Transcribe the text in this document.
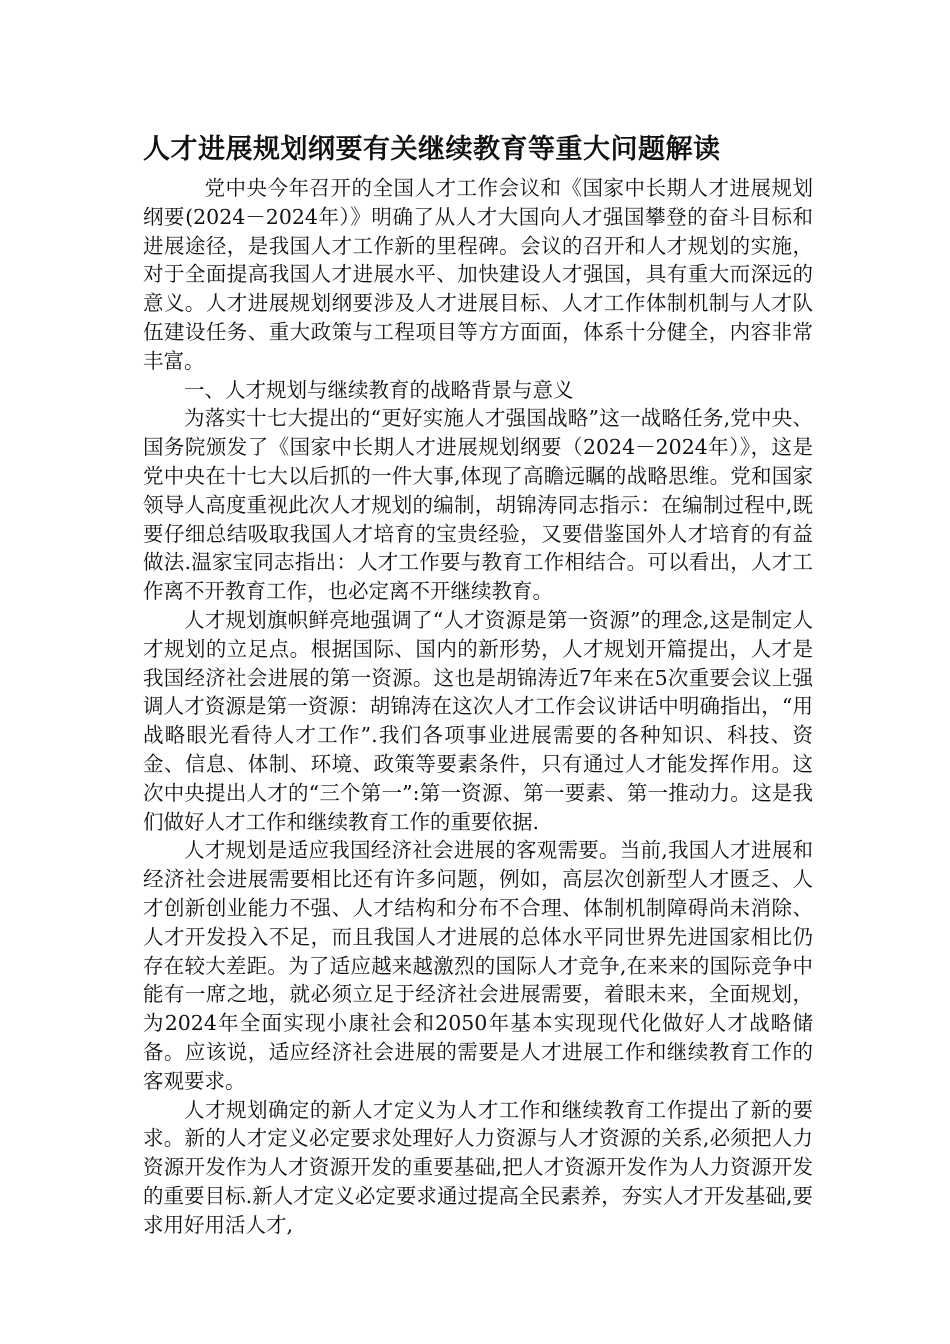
人才进展规划纲要有关继续教育等重大问题解读

党中央今年召开的全国人才工作会议和《国家中长期人才进展规划纲要(2024－2024年）》明确了从人才大国向人才强国攀登的奋斗目标和进展途径，是我国人才工作新的里程碑。会议的召开和人才规划的实施，对于全面提高我国人才进展水平、加快建设人才强国，具有重大而深远的意义。人才进展规划纲要涉及人才进展目标、人才工作体制机制与人才队伍建设任务、重大政策与工程项目等方方面面，体系十分健全，内容非常丰富。

一、人才规划与继续教育的战略背景与意义

为落实十七大提出的“更好实施人才强国战略”这一战略任务,党中央、国务院颁发了《国家中长期人才进展规划纲要（2024－2024年）》，这是党中央在十七大以后抓的一件大事,体现了高瞻远瞩的战略思维。党和国家领导人高度重视此次人才规划的编制，胡锦涛同志指示：在编制过程中,既要仔细总结吸取我国人才培育的宝贵经验，又要借鉴国外人才培育的有益做法.温家宝同志指出：人才工作要与教育工作相结合。可以看出，人才工作离不开教育工作，也必定离不开继续教育。

人才规划旗帜鲜亮地强调了“人才资源是第一资源”的理念,这是制定人才规划的立足点。根据国际、国内的新形势，人才规划开篇提出，人才是我国经济社会进展的第一资源。这也是胡锦涛近7年来在5次重要会议上强调人才资源是第一资源：胡锦涛在这次人才工作会议讲话中明确指出，“用战略眼光看待人才工作”.我们各项事业进展需要的各种知识、科技、资金、信息、体制、环境、政策等要素条件，只有通过人才能发挥作用。这次中央提出人才的“三个第一”:第一资源、第一要素、第一推动力。这是我们做好人才工作和继续教育工作的重要依据.

人才规划是适应我国经济社会进展的客观需要。当前,我国人才进展和经济社会进展需要相比还有许多问题，例如，高层次创新型人才匮乏、人才创新创业能力不强、人才结构和分布不合理、体制机制障碍尚未消除、人才开发投入不足，而且我国人才进展的总体水平同世界先进国家相比仍存在较大差距。为了适应越来越激烈的国际人才竞争,在来来的国际竞争中能有一席之地，就必须立足于经济社会进展需要，着眼未来，全面规划，为2024年全面实现小康社会和2050年基本实现现代化做好人才战略储备。应该说，适应经济社会进展的需要是人才进展工作和继续教育工作的客观要求。

人才规划确定的新人才定义为人才工作和继续教育工作提出了新的要求。新的人才定义必定要求处理好人力资源与人才资源的关系,必须把人力资源开发作为人才资源开发的重要基础,把人才资源开发作为人力资源开发的重要目标.新人才定义必定要求通过提高全民素养，夯实人才开发基础,要求用好用活人才,
